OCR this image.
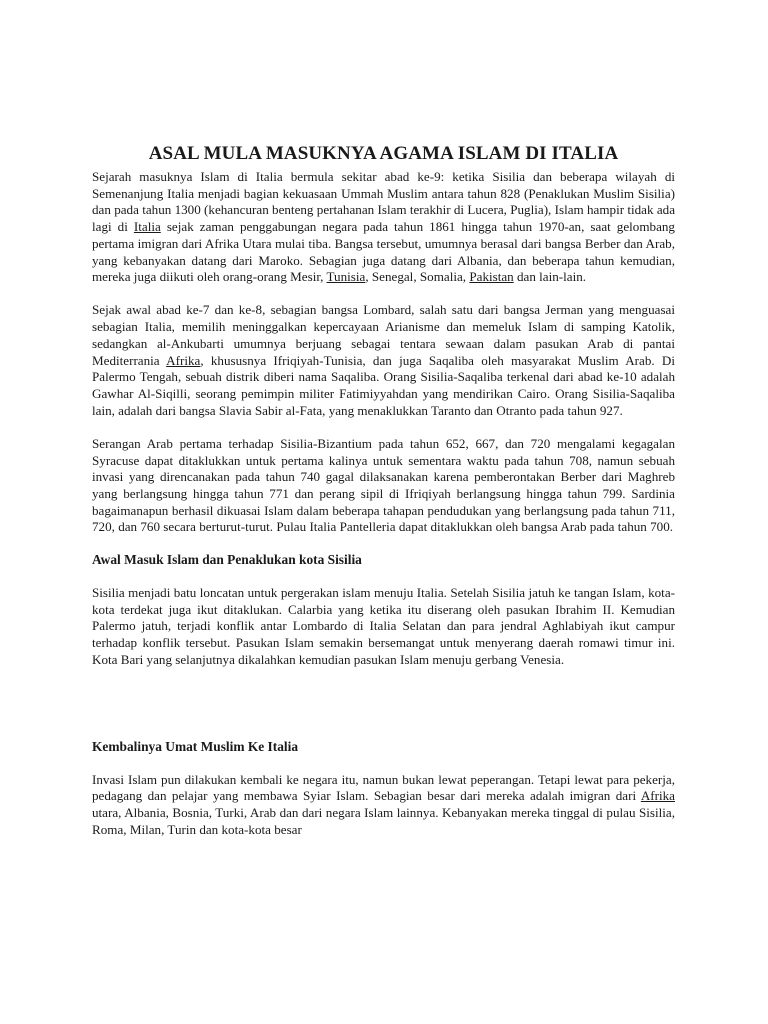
ASAL MULA MASUKNYA AGAMA ISLAM DI ITALIA

Sejarah masuknya Islam di Italia bermula sekitar abad ke-9: ketika Sisilia dan beberapa wilayah di Semenanjung Italia menjadi bagian kekuasaan Ummah Muslim antara tahun 828 (Penaklukan Muslim Sisilia) dan pada tahun 1300 (kehancuran benteng pertahanan Islam terakhir di Lucera, Puglia), Islam hampir tidak ada lagi di Italia sejak zaman penggabungan negara pada tahun 1861 hingga tahun 1970-an, saat gelombang pertama imigran dari Afrika Utara mulai tiba. Bangsa tersebut, umumnya berasal dari bangsa Berber dan Arab, yang kebanyakan datang dari Maroko. Sebagian juga datang dari Albania, dan beberapa tahun kemudian, mereka juga diikuti oleh orang-orang Mesir, Tunisia, Senegal, Somalia, Pakistan dan lain-lain.

Sejak awal abad ke-7 dan ke-8, sebagian bangsa Lombard, salah satu dari bangsa Jerman yang menguasai sebagian Italia, memilih meninggalkan kepercayaan Arianisme dan memeluk Islam di samping Katolik, sedangkan al-Ankubarti umumnya berjuang sebagai tentara sewaan dalam pasukan Arab di pantai Mediterrania Afrika, khususnya Ifriqiyah-Tunisia, dan juga Saqaliba oleh masyarakat Muslim Arab. Di Palermo Tengah, sebuah distrik diberi nama Saqaliba. Orang Sisilia-Saqaliba terkenal dari abad ke-10 adalah Gawhar Al-Siqilli, seorang pemimpin militer Fatimiyyahdan yang mendirikan Cairo. Orang Sisilia-Saqaliba lain, adalah dari bangsa Slavia Sabir al-Fata, yang menaklukkan Taranto dan Otranto pada tahun 927.

Serangan Arab pertama terhadap Sisilia-Bizantium pada tahun 652, 667, dan 720 mengalami kegagalan Syracuse dapat ditaklukkan untuk pertama kalinya untuk sementara waktu pada tahun 708, namun sebuah invasi yang direncanakan pada tahun 740 gagal dilaksanakan karena pemberontakan Berber dari Maghreb yang berlangsung hingga tahun 771 dan perang sipil di Ifriqiyah berlangsung hingga tahun 799. Sardinia bagaimanapun berhasil dikuasai Islam dalam beberapa tahapan pendudukan yang berlangsung pada tahun 711, 720, dan 760 secara berturut-turut. Pulau Italia Pantelleria dapat ditaklukkan oleh bangsa Arab pada tahun 700.

Awal Masuk Islam dan Penaklukan kota Sisilia

Sisilia menjadi batu loncatan untuk pergerakan islam menuju Italia. Setelah Sisilia jatuh ke tangan Islam, kota-kota terdekat juga ikut ditaklukan. Calarbia yang ketika itu diserang oleh pasukan Ibrahim II. Kemudian Palermo jatuh, terjadi konflik antar Lombardo di Italia Selatan dan para jendral Aghlabiyah ikut campur terhadap konflik tersebut. Pasukan Islam semakin bersemangat untuk menyerang daerah romawi timur ini. Kota Bari yang selanjutnya dikalahkan kemudian pasukan Islam menuju gerbang Venesia.

Kembalinya Umat Muslim Ke Italia

Invasi Islam pun dilakukan kembali ke negara itu, namun bukan lewat peperangan. Tetapi lewat para pekerja, pedagang dan pelajar yang membawa Syiar Islam. Sebagian besar dari mereka adalah imigran dari Afrika utara, Albania, Bosnia, Turki, Arab dan dari negara Islam lainnya. Kebanyakan mereka tinggal di pulau Sisilia, Roma, Milan, Turin dan kota-kota besar
